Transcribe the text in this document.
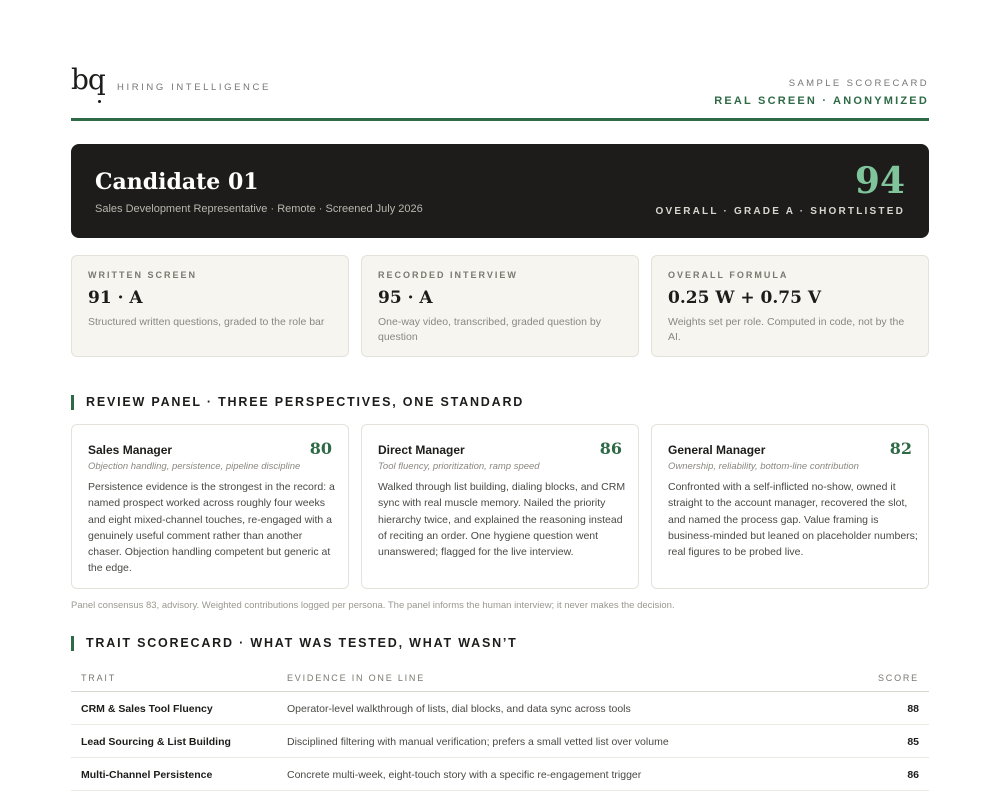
bq HIRING INTELLIGENCE	SAMPLE SCORECARD
REAL SCREEN · ANONYMIZED
Candidate 01
Sales Development Representative · Remote · Screened July 2026
94
OVERALL · GRADE A · SHORTLISTED
WRITTEN SCREEN
91 · A
Structured written questions, graded to the role bar
RECORDED INTERVIEW
95 · A
One-way video, transcribed, graded question by question
OVERALL FORMULA
0.25 W + 0.75 V
Weights set per role. Computed in code, not by the AI.
REVIEW PANEL · THREE PERSPECTIVES, ONE STANDARD
Sales Manager	80
Objection handling, persistence, pipeline discipline
Persistence evidence is the strongest in the record: a named prospect worked across roughly four weeks and eight mixed-channel touches, re-engaged with a genuinely useful comment rather than another chaser. Objection handling competent but generic at the edge.
Direct Manager	86
Tool fluency, prioritization, ramp speed
Walked through list building, dialing blocks, and CRM sync with real muscle memory. Nailed the priority hierarchy twice, and explained the reasoning instead of reciting an order. One hygiene question went unanswered; flagged for the live interview.
General Manager	82
Ownership, reliability, bottom-line contribution
Confronted with a self-inflicted no-show, owned it straight to the account manager, recovered the slot, and named the process gap. Value framing is business-minded but leaned on placeholder numbers; real figures to be probed live.
Panel consensus 83, advisory. Weighted contributions logged per persona. The panel informs the human interview; it never makes the decision.
TRAIT SCORECARD · WHAT WAS TESTED, WHAT WASN’T
TRAIT	EVIDENCE IN ONE LINE	SCORE
CRM & Sales Tool Fluency	Operator-level walkthrough of lists, dial blocks, and data sync across tools	88
Lead Sourcing & List Building	Disciplined filtering with manual verification; prefers a small vetted list over volume	85
Multi-Channel Persistence	Concrete multi-week, eight-touch story with a specific re-engagement trigger	86
